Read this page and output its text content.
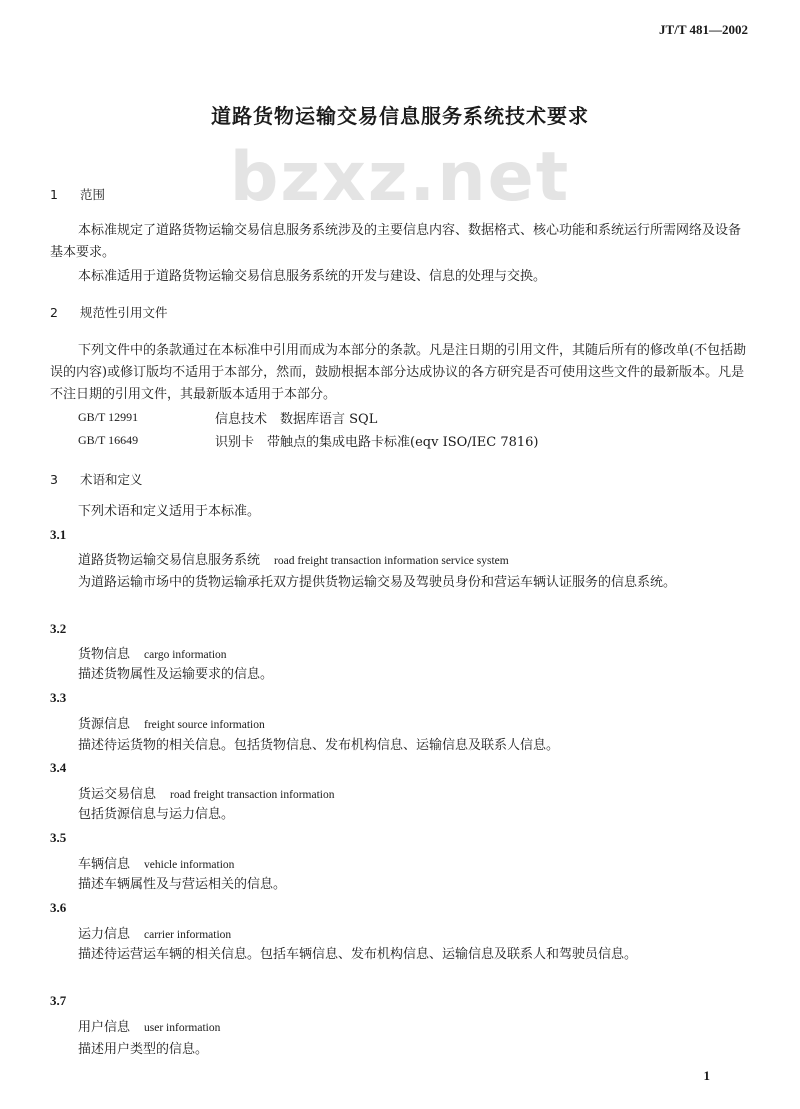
JT/T 481—2002
道路货物运输交易信息服务系统技术要求
bzxz.net
1 范围
本标准规定了道路货物运输交易信息服务系统涉及的主要信息内容、数据格式、核心功能和系统运行所需网络及设备基本要求。
本标准适用于道路货物运输交易信息服务系统的开发与建设、信息的处理与交换。
2 规范性引用文件
下列文件中的条款通过在本标准中引用而成为本部分的条款。凡是注日期的引用文件，其随后所有的修改单(不包括勘误的内容)或修订版均不适用于本部分，然而，鼓励根据本部分达成协议的各方研究是否可使用这些文件的最新版本。凡是不注日期的引用文件，其最新版本适用于本部分。
GB/T 12991	信息技术　数据库语言 SQL
GB/T 16649	识别卡　带触点的集成电路卡标准(eqv ISO/IEC 7816)
3 术语和定义
下列术语和定义适用于本标准。
3.1
道路货物运输交易信息服务系统 road freight transaction information service system
为道路运输市场中的货物运输承托双方提供货物运输交易及驾驶员身份和营运车辆认证服务的信息系统。
3.2
货物信息 cargo information
描述货物属性及运输要求的信息。
3.3
货源信息 freight source information
描述待运货物的相关信息。包括货物信息、发布机构信息、运输信息及联系人信息。
3.4
货运交易信息 road freight transaction information
包括货源信息与运力信息。
3.5
车辆信息 vehicle information
描述车辆属性及与营运相关的信息。
3.6
运力信息 carrier information
描述待运营运车辆的相关信息。包括车辆信息、发布机构信息、运输信息及联系人和驾驶员信息。
3.7
用户信息 user information
描述用户类型的信息。
1
